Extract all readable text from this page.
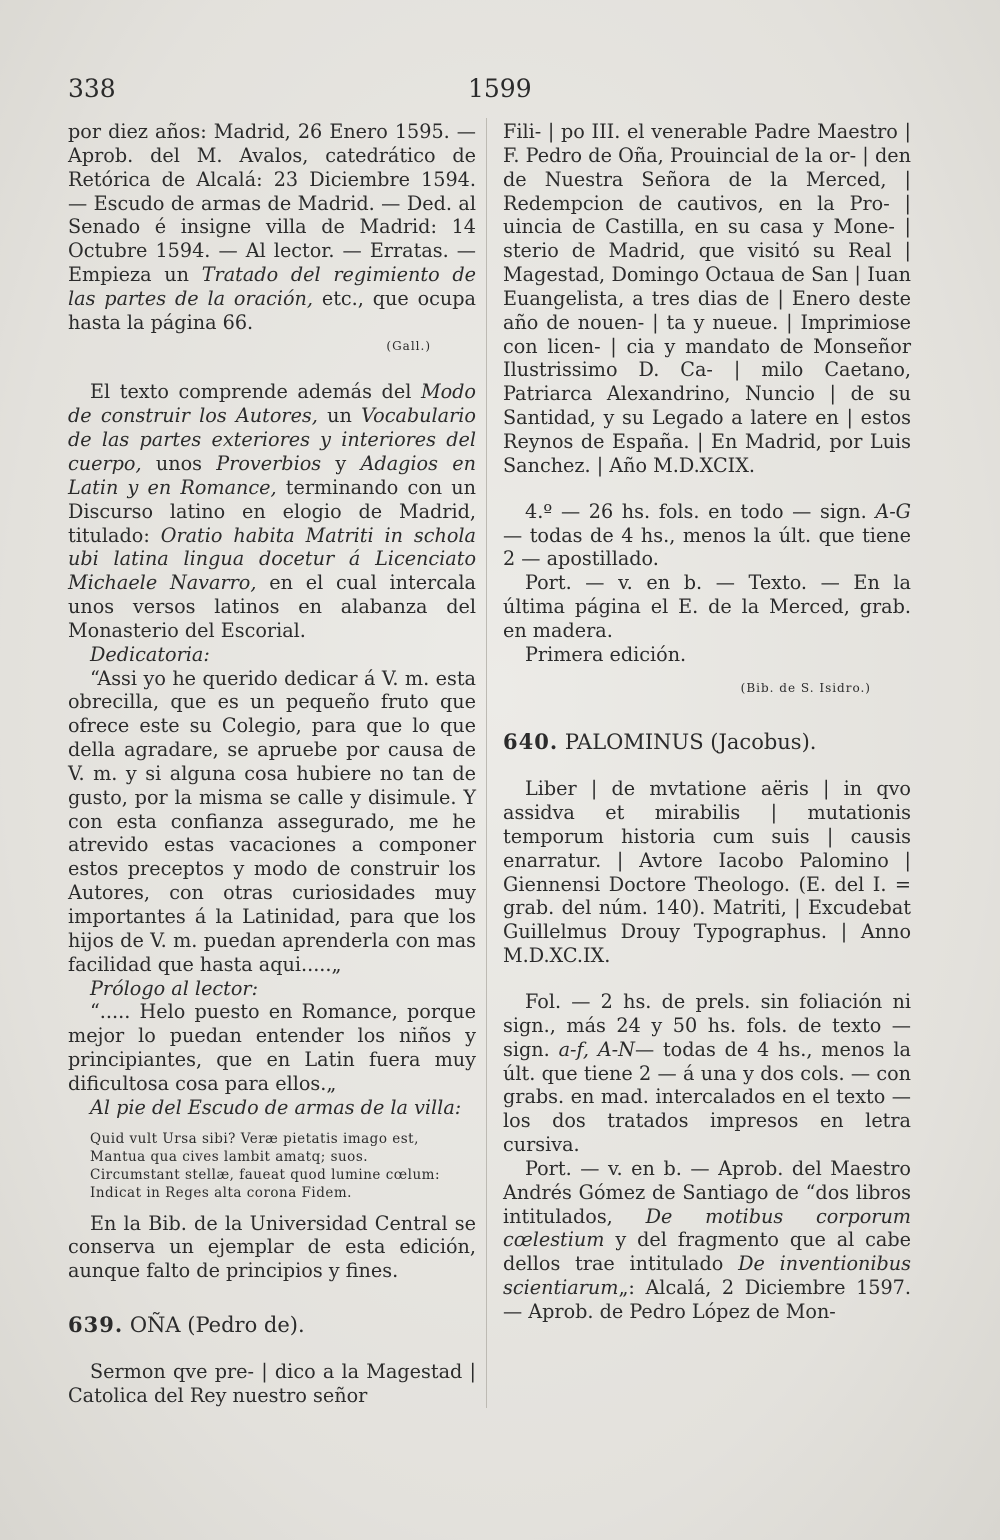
338	1599

por diez años: Madrid, 26 Enero 1595. — Aprob. del M. Avalos, catedrático de Retórica de Alcalá: 23 Diciembre 1594. — Escudo de armas de Madrid. — Ded. al Senado é insigne villa de Madrid: 14 Octubre 1594. — Al lector. — Erratas. — Empieza un Tratado del regimiento de las partes de la oración, etc., que ocupa hasta la página 66.

(Gall.)

El texto comprende además del Modo de construir los Autores, un Vocabulario de las partes exteriores y interiores del cuerpo, unos Proverbios y Adagios en Latin y en Romance, terminando con un Discurso latino en elogio de Madrid, titulado: Oratio habita Matriti in schola ubi latina lingua docetur á Licenciato Michaele Navarro, en el cual intercala unos versos latinos en alabanza del Monasterio del Escorial.

Dedicatoria:

“Assi yo he querido dedicar á V. m. esta obrecilla, que es un pequeño fruto que ofrece este su Colegio, para que lo que della agradare, se apruebe por causa de V. m. y si alguna cosa hubiere no tan de gusto, por la misma se calle y disimule. Y con esta confianza assegurado, me he atrevido estas vacaciones a componer estos preceptos y modo de construir los Autores, con otras curiosidades muy importantes á la Latinidad, para que los hijos de V. m. puedan aprenderla con mas facilidad que hasta aqui.....„

Prólogo al lector:

“..... Helo puesto en Romance, porque mejor lo puedan entender los niños y principiantes, que en Latin fuera muy dificultosa cosa para ellos.„

Al pie del Escudo de armas de la villa:

Quid vult Ursa sibi? Veræ pietatis imago est,

Mantua qua cives lambit amatq; suos.

Circumstant stellæ, faueat quod lumine cœlum:

Indicat in Reges alta corona Fidem.

En la Bib. de la Universidad Central se conserva un ejemplar de esta edición, aunque falto de principios y fines.

639. OÑA (Pedro de).

Sermon qve pre- | dico a la Magestad | Catolica del Rey nuestro señor

Fili- | po III. el venerable Padre Maestro | F. Pedro de Oña, Prouincial de la or- | den de Nuestra Señora de la Merced, | Redempcion de cautivos, en la Pro- | uincia de Castilla, en su casa y Mone- | sterio de Madrid, que visitó su Real | Magestad, Domingo Octaua de San | Iuan Euangelista, a tres dias de | Enero deste año de nouen- | ta y nueue. | Imprimiose con licen- | cia y mandato de Monseñor Ilustrissimo D. Ca- | milo Caetano, Patriarca Alexandrino, Nuncio | de su Santidad, y su Legado a latere en | estos Reynos de España. | En Madrid, por Luis Sanchez. | Año M.D.XCIX.

4.º — 26 hs. fols. en todo — sign. A-G — todas de 4 hs., menos la últ. que tiene 2 — apostillado.

Port. — v. en b. — Texto. — En la última página el E. de la Merced, grab. en madera.

Primera edición.

(Bib. de S. Isidro.)

640. PALOMINUS (Jacobus).

Liber | de mvtatione aëris | in qvo assidva et mirabilis | mutationis temporum historia cum suis | causis enarratur. | Avtore Iacobo Palomino | Giennensi Doctore Theologo. (E. del I. = grab. del núm. 140). Matriti, | Excudebat Guillelmus Drouy Typographus. | Anno M.D.XC.IX.

Fol. — 2 hs. de prels. sin foliación ni sign., más 24 y 50 hs. fols. de texto — sign. a-f, A-N— todas de 4 hs., menos la últ. que tiene 2 — á una y dos cols. — con grabs. en mad. intercalados en el texto — los dos tratados impresos en letra cursiva.

Port. — v. en b. — Aprob. del Maestro Andrés Gómez de Santiago de “dos libros intitulados, De motibus corporum cœlestium y del fragmento que al cabe dellos trae intitulado De inventionibus scientiarum„: Alcalá, 2 Diciembre 1597. — Aprob. de Pedro López de Mon-
